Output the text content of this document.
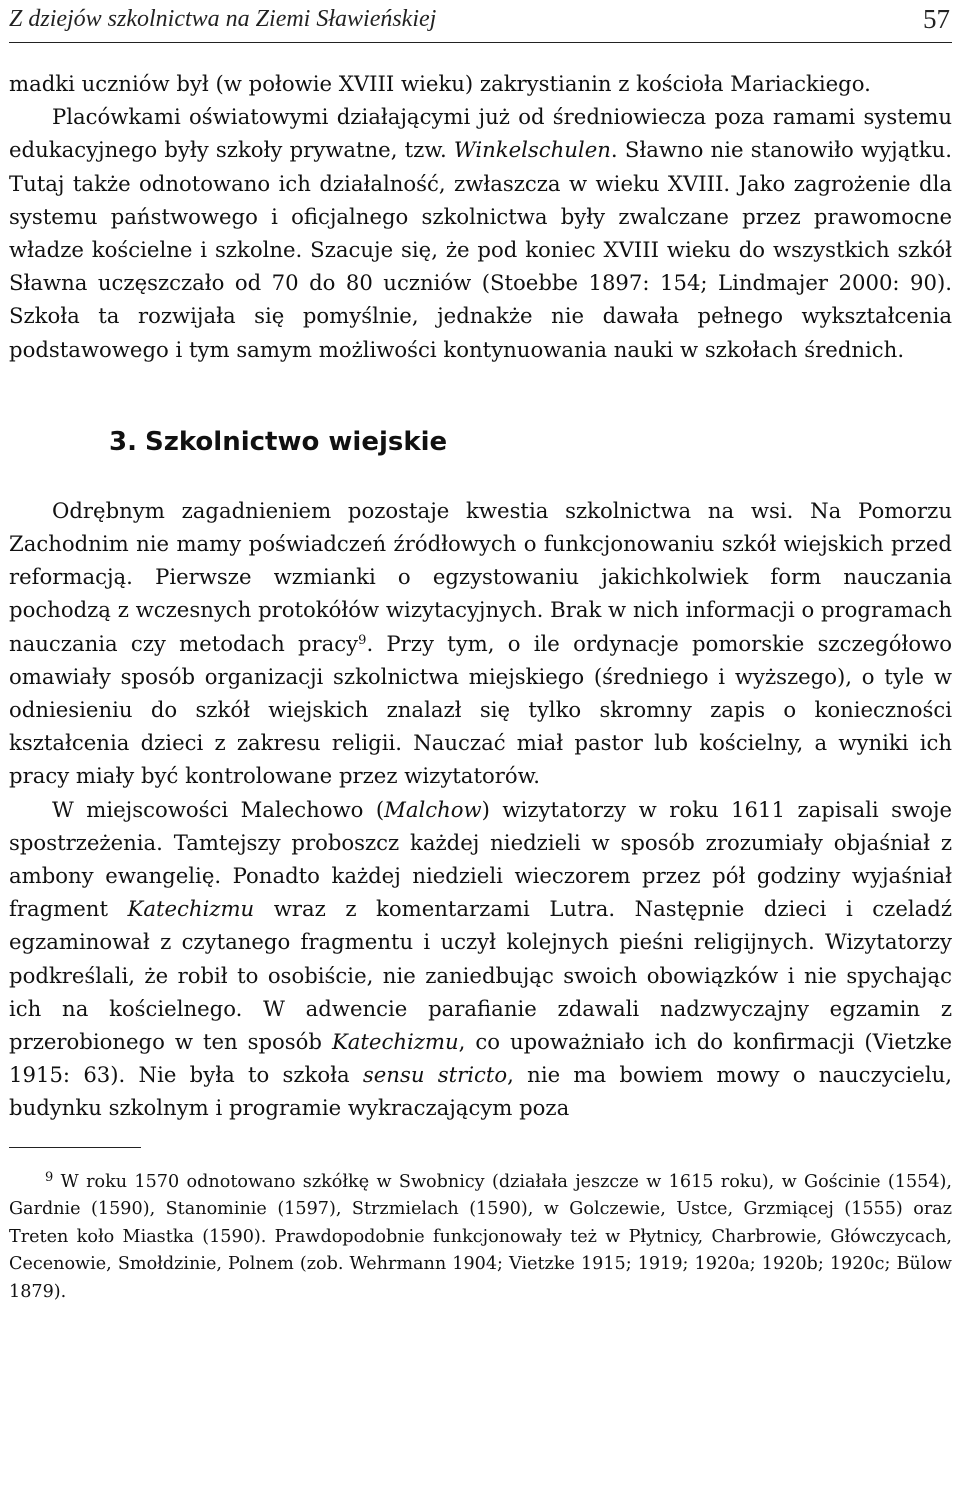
Z dziejów szkolnictwa na Ziemi Sławieńskiej	57

madki uczniów był (w połowie XVIII wieku) zakrystianin z kościoła Mariackiego.

Placówkami oświatowymi działającymi już od średniowiecza poza ramami systemu edukacyjnego były szkoły prywatne, tzw. Winkelschulen. Sławno nie stanowiło wyjątku. Tutaj także odnotowano ich działalność, zwłaszcza w wieku XVIII. Jako zagrożenie dla systemu państwowego i oficjalnego szkolnictwa były zwalczane przez prawomocne władze kościelne i szkolne. Szacuje się, że pod koniec XVIII wieku do wszystkich szkół Sławna uczęszczało od 70 do 80 uczniów (Stoebbe 1897: 154; Lindmajer 2000: 90). Szkoła ta rozwijała się pomyślnie, jednakże nie dawała pełnego wykształcenia podstawowego i tym samym możliwości kontynuowania nauki w szkołach średnich.

3. Szkolnictwo wiejskie

Odrębnym zagadnieniem pozostaje kwestia szkolnictwa na wsi. Na Pomorzu Zachodnim nie mamy poświadczeń źródłowych o funkcjonowaniu szkół wiejskich przed reformacją. Pierwsze wzmianki o egzystowaniu jakichkolwiek form nauczania pochodzą z wczesnych protokółów wizytacyjnych. Brak w nich informacji o programach nauczania czy metodach pracy$^9$. Przy tym, o ile ordynacje pomorskie szczegółowo omawiały sposób organizacji szkolnictwa miejskiego (średniego i wyższego), o tyle w odniesieniu do szkół wiejskich znalazł się tylko skromny zapis o konieczności kształcenia dzieci z zakresu religii. Nauczać miał pastor lub kościelny, a wyniki ich pracy miały być kontrolowane przez wizytatorów.

W miejscowości Malechowo (Malchow) wizytatorzy w roku 1611 zapisali swoje spostrzeżenia. Tamtejszy proboszcz każdej niedzieli w sposób zrozumiały objaśniał z ambony ewangelię. Ponadto każdej niedzieli wieczorem przez pół godziny wyjaśniał fragment Katechizmu wraz z komentarzami Lutra. Następnie dzieci i czeladź egzaminował z czytanego fragmentu i uczył kolejnych pieśni religijnych. Wizytatorzy podkreślali, że robił to osobiście, nie zaniedbując swoich obowiązków i nie spychając ich na kościelnego. W adwencie parafianie zdawali nadzwyczajny egzamin z przerobionego w ten sposób Katechizmu, co upoważniało ich do konfirmacji (Vietzke 1915: 63). Nie była to szkoła sensu stricto, nie ma bowiem mowy o nauczycielu, budynku szkolnym i programie wykraczającym poza

$^9$ W roku 1570 odnotowano szkółkę w Swobnicy (działała jeszcze w 1615 roku), w Gościnie (1554), Gardnie (1590), Stanominie (1597), Strzmielach (1590), w Golczewie, Ustce, Grzmiącej (1555) oraz Treten koło Miastka (1590). Prawdopodobnie funkcjonowały też w Płytnicy, Charbrowie, Główczycach, Cecenowie, Smołdzinie, Polnem (zob. Wehrmann 1904; Vietzke 1915; 1919; 1920a; 1920b; 1920c; Bülow 1879).
